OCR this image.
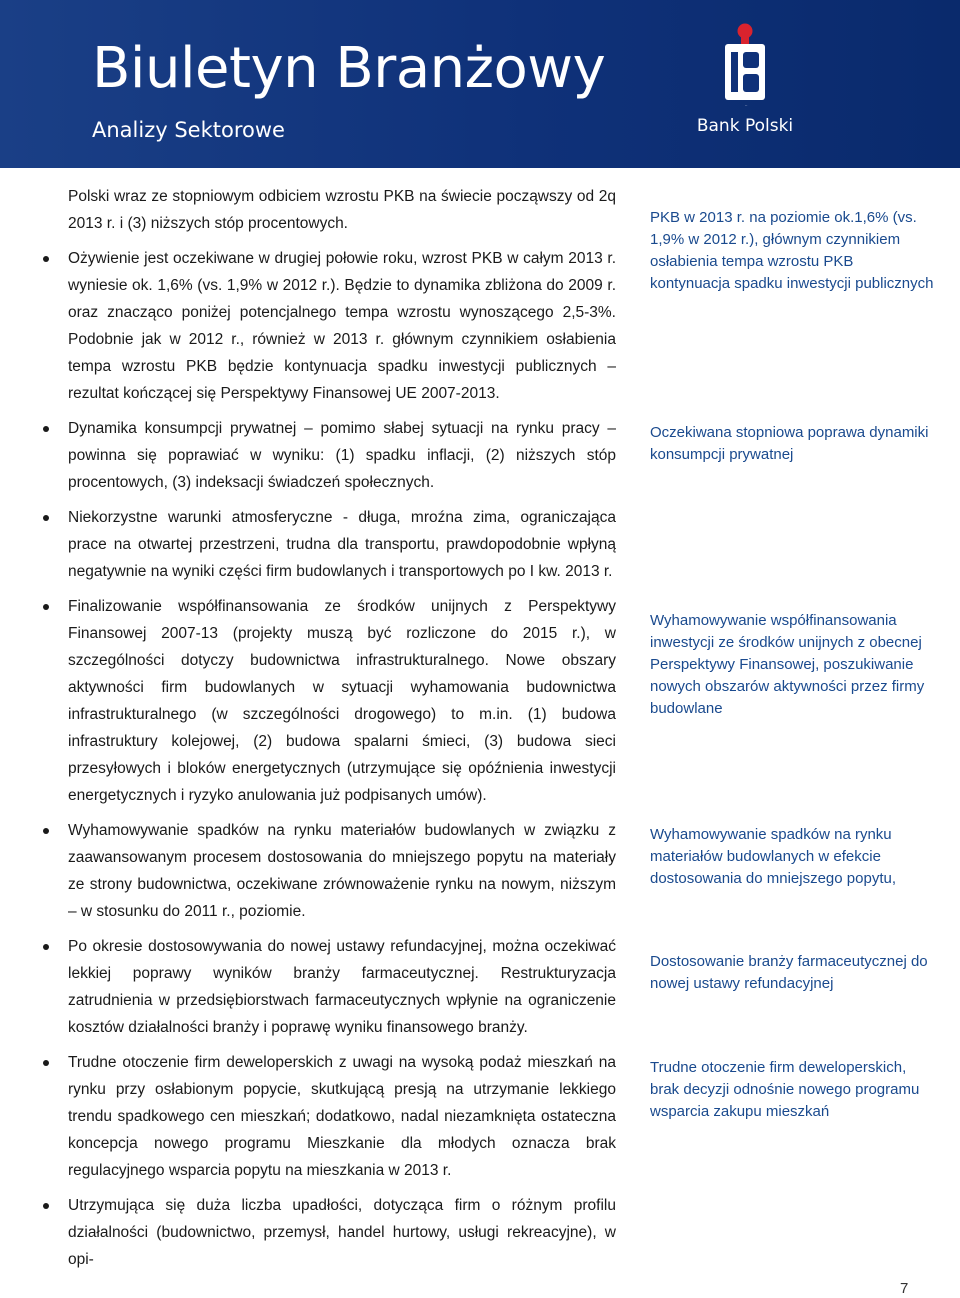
Biuletyn Branżowy
Analizy Sektorowe
PKO
Bank Polski

Polski wraz ze stopniowym odbiciem wzrostu PKB na świecie począwszy od 2q 2013 r. i (3) niższych stóp procentowych.

Ożywienie jest oczekiwane w drugiej połowie roku, wzrost PKB w całym 2013 r. wyniesie ok. 1,6% (vs. 1,9% w 2012 r.). Będzie to dynamika zbliżona do 2009 r. oraz znacząco poniżej potencjalnego tempa wzrostu wynoszącego 2,5-3%. Podobnie jak w 2012 r., również w 2013 r. głównym czynnikiem osłabienia tempa wzrostu PKB będzie kontynuacja spadku inwestycji publicznych – rezultat kończącej się Perspektywy Finansowej UE 2007-2013.
Dynamika konsumpcji prywatnej – pomimo słabej sytuacji na rynku pracy – powinna się poprawiać w wyniku: (1) spadku inflacji, (2) niższych stóp procentowych, (3) indeksacji świadczeń społecznych.
Niekorzystne warunki atmosferyczne - długa, mroźna zima, ograniczająca prace na otwartej przestrzeni, trudna dla transportu, prawdopodobnie wpłyną negatywnie na wyniki części firm budowlanych i transportowych po I kw. 2013 r.
Finalizowanie współfinansowania ze środków unijnych z Perspektywy Finansowej 2007-13 (projekty muszą być rozliczone do 2015 r.), w szczególności dotyczy budownictwa infrastrukturalnego. Nowe obszary aktywności firm budowlanych w sytuacji wyhamowania budownictwa infrastrukturalnego (w szczególności drogowego) to m.in. (1) budowa infrastruktury kolejowej, (2) budowa spalarni śmieci, (3) budowa sieci przesyłowych i bloków energetycznych (utrzymujące się opóźnienia inwestycji energetycznych i ryzyko anulowania już podpisanych umów).
Wyhamowywanie spadków na rynku materiałów budowlanych w związku z zaawansowanym procesem dostosowania do mniejszego popytu na materiały ze strony budownictwa, oczekiwane zrównoważenie rynku na nowym, niższym – w stosunku do 2011 r., poziomie.
Po okresie dostosowywania do nowej ustawy refundacyjnej, można oczekiwać lekkiej poprawy wyników branży farmaceutycznej. Restrukturyzacja zatrudnienia w przedsiębiorstwach farmaceutycznych wpłynie na ograniczenie kosztów działalności branży i poprawę wyniku finansowego branży.
Trudne otoczenie firm deweloperskich z uwagi na wysoką podaż mieszkań na rynku przy osłabionym popycie, skutkującą presją na utrzymanie lekkiego trendu spadkowego cen mieszkań; dodatkowo, nadal niezamknięta ostateczna koncepcja nowego programu Mieszkanie dla młodych oznacza brak regulacyjnego wsparcia popytu na mieszkania w 2013 r.
Utrzymująca się duża liczba upadłości, dotycząca firm o różnym profilu działalności (budownictwo, przemysł, handel hurtowy, usługi rekreacyjne), w opi-
PKB w 2013 r. na poziomie ok.1,6% (vs. 1,9% w 2012 r.), głównym czynnikiem osłabienia tempa wzrostu PKB kontynuacja spadku inwestycji publicznych
Oczekiwana stopniowa poprawa dynamiki konsumpcji prywatnej
Wyhamowywanie współfinansowania inwestycji ze środków unijnych z obecnej Perspektywy Finansowej, poszukiwanie nowych obszarów aktywności przez firmy budowlane
Wyhamowywanie spadków na rynku materiałów budowlanych w efekcie dostosowania do mniejszego popytu,
Dostosowanie branży farmaceutycznej do nowej ustawy refundacyjnej
Trudne otoczenie firm deweloperskich, brak decyzji odnośnie nowego programu wsparcia zakupu mieszkań
7
